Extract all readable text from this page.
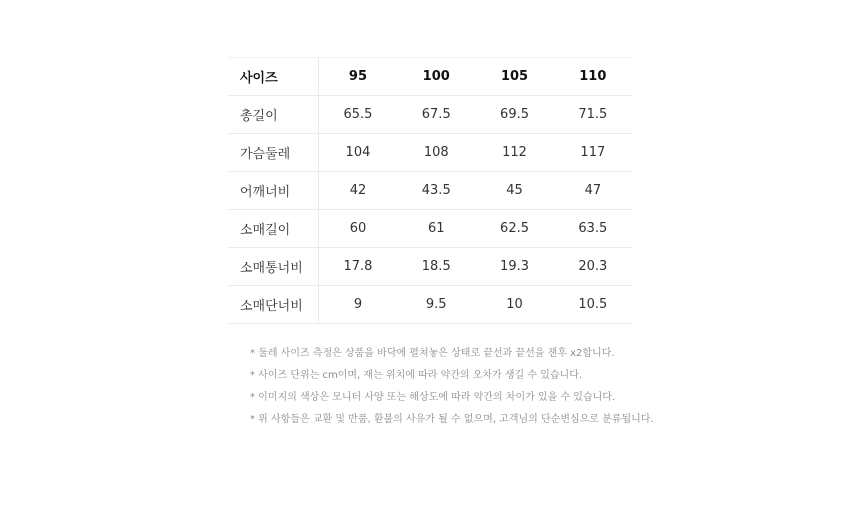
사이즈	95	100	105	110
총길이	65.5	67.5	69.5	71.5
가슴둘레	104	108	112	117
어깨너비	42	43.5	45	47
소매길이	60	61	62.5	63.5
소매통너비	17.8	18.5	19.3	20.3
소매단너비	9	9.5	10	10.5
* 둘레 사이즈 측정은 상품을 바닥에 펼쳐놓은 상태로 끝선과 끝선을 잰후 x2합니다.
* 사이즈 단위는 cm이며, 재는 위치에 따라 약간의 오차가 생길 수 있습니다.
* 이미지의 색상은 모니터 사양 또는 해상도에 따라 약간의 차이가 있을 수 있습니다.
* 위 사항들은 교환 및 반품, 환불의 사유가 될 수 없으며, 고객님의 단순변심으로 분류됩니다.
